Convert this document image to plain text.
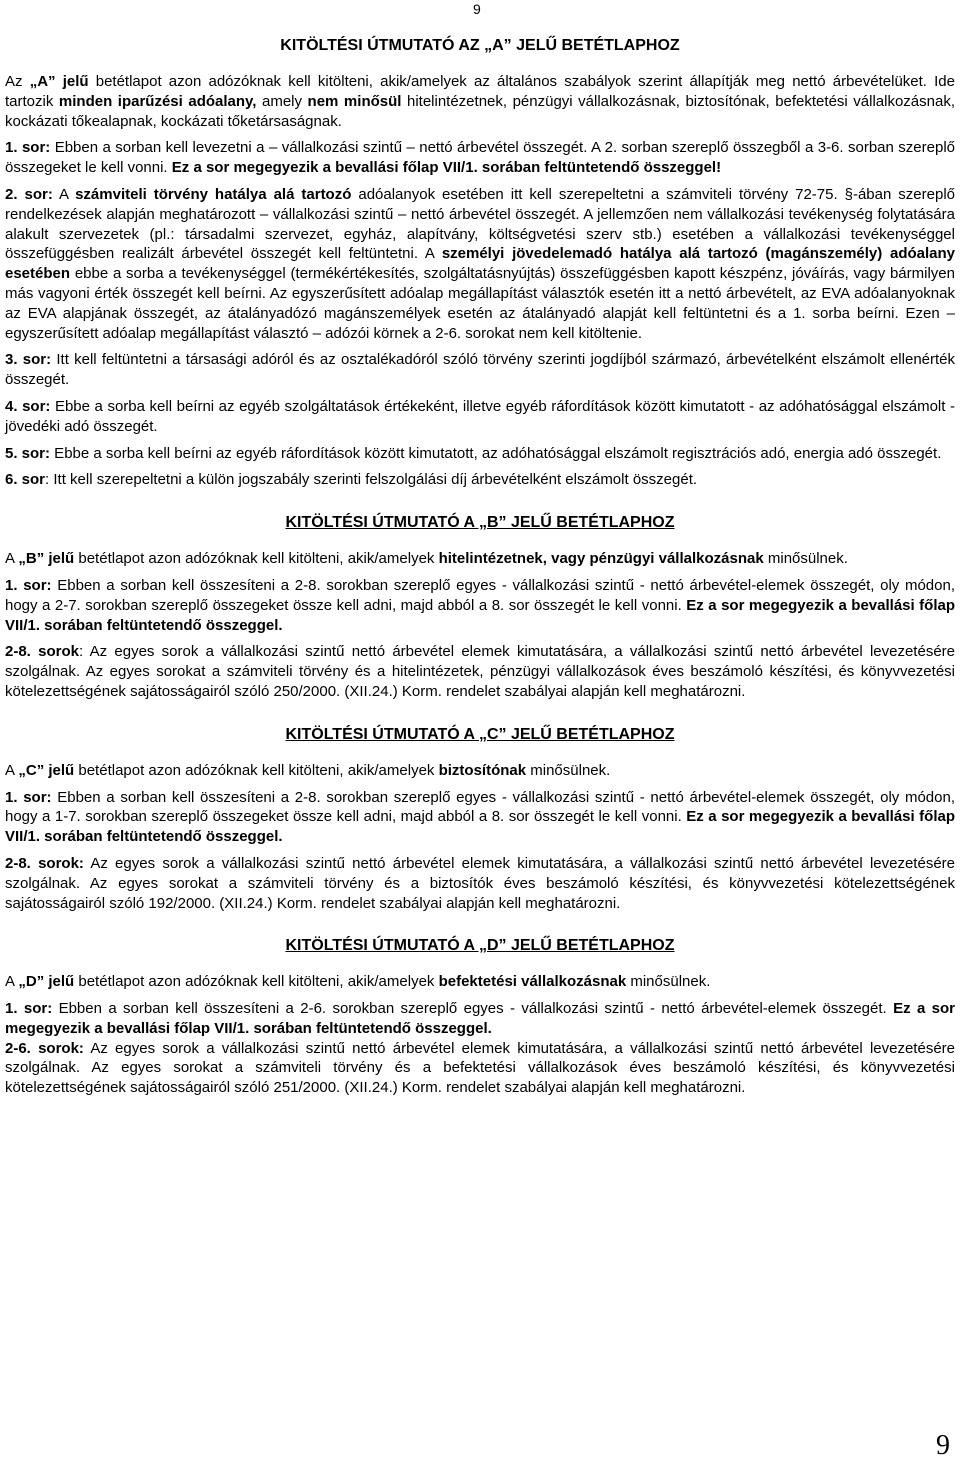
9
KITÖLTÉSI ÚTMUTATÓ AZ „A” JELŰ BETÉTLAPHOZ
Az „A” jelű betétlapot azon adózóknak kell kitölteni, akik/amelyek az általános szabályok szerint állapítják meg nettó árbevételüket. Ide tartozik minden iparűzési adóalany, amely nem minősül hitelintézetnek, pénzügyi vállalkozásnak, biztosítónak, befektetési vállalkozásnak, kockázati tőkealapnak, kockázati tőketársaságnak.
1. sor: Ebben a sorban kell levezetni a – vállalkozási szintű – nettó árbevétel összegét. A 2. sorban szereplő összegből a 3-6. sorban szereplő összegeket le kell vonni. Ez a sor megegyezik a bevallási főlap VII/1. sorában feltüntetendő összeggel!
2. sor: A számviteli törvény hatálya alá tartozó adóalanyok esetében itt kell szerepeltetni a számviteli törvény 72-75. §-ában szereplő rendelkezések alapján meghatározott – vállalkozási szintű – nettó árbevétel összegét. A jellemzően nem vállalkozási tevékenység folytatására alakult szervezetek (pl.: társadalmi szervezet, egyház, alapítvány, költségvetési szerv stb.) esetében a vállalkozási tevékenységgel összefüggésben realizált árbevétel összegét kell feltüntetni. A személyi jövedelemadó hatálya alá tartozó (magánszemély) adóalany esetében ebbe a sorba a tevékenységgel (termékértékesítés, szolgáltatásnyújtás) összefüggésben kapott készpénz, jóváírás, vagy bármilyen más vagyoni érték összegét kell beírni. Az egyszerűsített adóalap megállapítást választók esetén itt a nettó árbevételt, az EVA adóalanyoknak az EVA alapjának összegét, az átalányadózó magánszemélyek esetén az átalányadó alapját kell feltüntetni és a 1. sorba beírni. Ezen – egyszerűsített adóalap megállapítást választó – adózói körnek a 2-6. sorokat nem kell kitöltenie.
3. sor: Itt kell feltüntetni a társasági adóról és az osztalékadóról szóló törvény szerinti jogdíjból származó, árbevételként elszámolt ellenérték összegét.
4. sor: Ebbe a sorba kell beírni az egyéb szolgáltatások értékeként, illetve egyéb ráfordítások között kimutatott - az adóhatósággal elszámolt - jövedéki adó összegét.
5. sor: Ebbe a sorba kell beírni az egyéb ráfordítások között kimutatott, az adóhatósággal elszámolt regisztrációs adó, energia adó összegét.
6. sor: Itt kell szerepeltetni a külön jogszabály szerinti felszolgálási díj árbevételként elszámolt összegét.
KITÖLTÉSI ÚTMUTATÓ A „B” JELŰ BETÉTLAPHOZ
A „B” jelű betétlapot azon adózóknak kell kitölteni, akik/amelyek hitelintézetnek, vagy pénzügyi vállalkozásnak minősülnek.
1. sor: Ebben a sorban kell összesíteni a 2-8. sorokban szereplő egyes - vállalkozási szintű - nettó árbevétel-elemek összegét, oly módon, hogy a 2-7. sorokban szereplő összegeket össze kell adni, majd abból a 8. sor összegét le kell vonni. Ez a sor megegyezik a bevallási főlap VII/1. sorában feltüntetendő összeggel.
2-8. sorok: Az egyes sorok a vállalkozási szintű nettó árbevétel elemek kimutatására, a vállalkozási szintű nettó árbevétel levezetésére szolgálnak. Az egyes sorokat a számviteli törvény és a hitelintézetek, pénzügyi vállalkozások éves beszámoló készítési, és könyvvezetési kötelezettségének sajátosságairól szóló 250/2000. (XII.24.) Korm. rendelet szabályai alapján kell meghatározni.
KITÖLTÉSI ÚTMUTATÓ A „C” JELŰ BETÉTLAPHOZ
A „C” jelű betétlapot azon adózóknak kell kitölteni, akik/amelyek biztosítónak minősülnek.
1. sor: Ebben a sorban kell összesíteni a 2-8. sorokban szereplő egyes - vállalkozási szintű - nettó árbevétel-elemek összegét, oly módon, hogy a 1-7. sorokban szereplő összegeket össze kell adni, majd abból a 8. sor összegét le kell vonni. Ez a sor megegyezik a bevallási főlap VII/1. sorában feltüntetendő összeggel.
2-8. sorok: Az egyes sorok a vállalkozási szintű nettó árbevétel elemek kimutatására, a vállalkozási szintű nettó árbevétel levezetésére szolgálnak. Az egyes sorokat a számviteli törvény és a biztosítók éves beszámoló készítési, és könyvvezetési kötelezettségének sajátosságairól szóló 192/2000. (XII.24.) Korm. rendelet szabályai alapján kell meghatározni.
KITÖLTÉSI ÚTMUTATÓ A „D” JELŰ BETÉTLAPHOZ
A „D” jelű betétlapot azon adózóknak kell kitölteni, akik/amelyek befektetési vállalkozásnak minősülnek.
1. sor: Ebben a sorban kell összesíteni a 2-6. sorokban szereplő egyes - vállalkozási szintű - nettó árbevétel-elemek összegét. Ez a sor megegyezik a bevallási főlap VII/1. sorában feltüntetendő összeggel.
2-6. sorok: Az egyes sorok a vállalkozási szintű nettó árbevétel elemek kimutatására, a vállalkozási szintű nettó árbevétel levezetésére szolgálnak. Az egyes sorokat a számviteli törvény és a befektetési vállalkozások éves beszámoló készítési, és könyvvezetési kötelezettségének sajátosságairól szóló 251/2000. (XII.24.) Korm. rendelet szabályai alapján kell meghatározni.
9
